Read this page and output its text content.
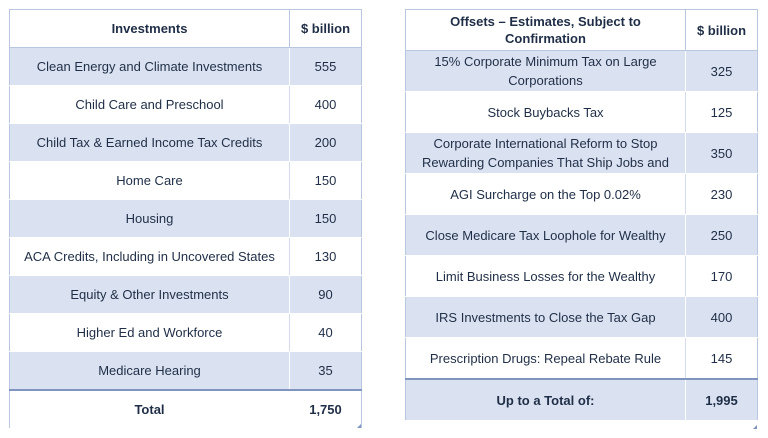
Investments	$ billion
Clean Energy and Climate Investments	555
Child Care and Preschool	400
Child Tax & Earned Income Tax Credits	200
Home Care	150
Housing	150
ACA Credits, Including in Uncovered States	130
Equity & Other Investments	90
Higher Ed and Workforce	40
Medicare Hearing	35
Total	1,750
Offsets – Estimates, Subject to Confirmation	$ billion

15% Corporate Minimum Tax on Large Corporations	325

Stock Buybacks Tax	125

Corporate International Reform to Stop Rewarding Companies That Ship Jobs and	350

AGI Surcharge on the Top 0.02%	230

Close Medicare Tax Loophole for Wealthy	250

Limit Business Losses for the Wealthy	170

IRS Investments to Close the Tax Gap	400

Prescription Drugs: Repeal Rebate Rule	145
Up to a Total of:	1,995
